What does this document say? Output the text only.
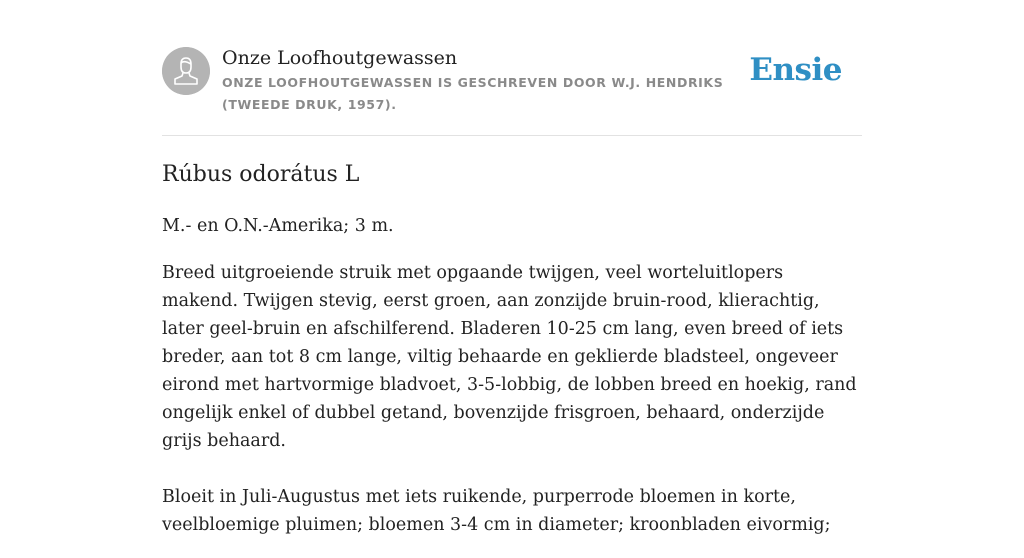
Onze Loofhoutgewassen
ONZE LOOFHOUTGEWASSEN IS GESCHREVEN DOOR W.J. HENDRIKS (TWEEDE DRUK, 1957).
Ensie
Rúbus odorátus L

M.- en O.N.-Amerika; 3 m.

Breed uitgroeiende struik met opgaande twijgen, veel worteluitlopers makend. Twijgen stevig, eerst groen, aan zonzijde bruin-rood, klierachtig, later geel-bruin en afschilferend. Bladeren 10-25 cm lang, even breed of iets breder, aan tot 8 cm lange, viltig behaarde en geklierde bladsteel, ongeveer eirond met hartvormige bladvoet, 3-5-lobbig, de lobben breed en hoekig, rand ongelijk enkel of dubbel getand, bovenzijde frisgroen, behaard, onderzijde grijs behaard.

Bloeit in Juli-Augustus met iets ruikende, purperrode bloemen in korte, veelbloemige pluimen; bloemen 3-4 cm in diameter; kroonbladen eivormig;
